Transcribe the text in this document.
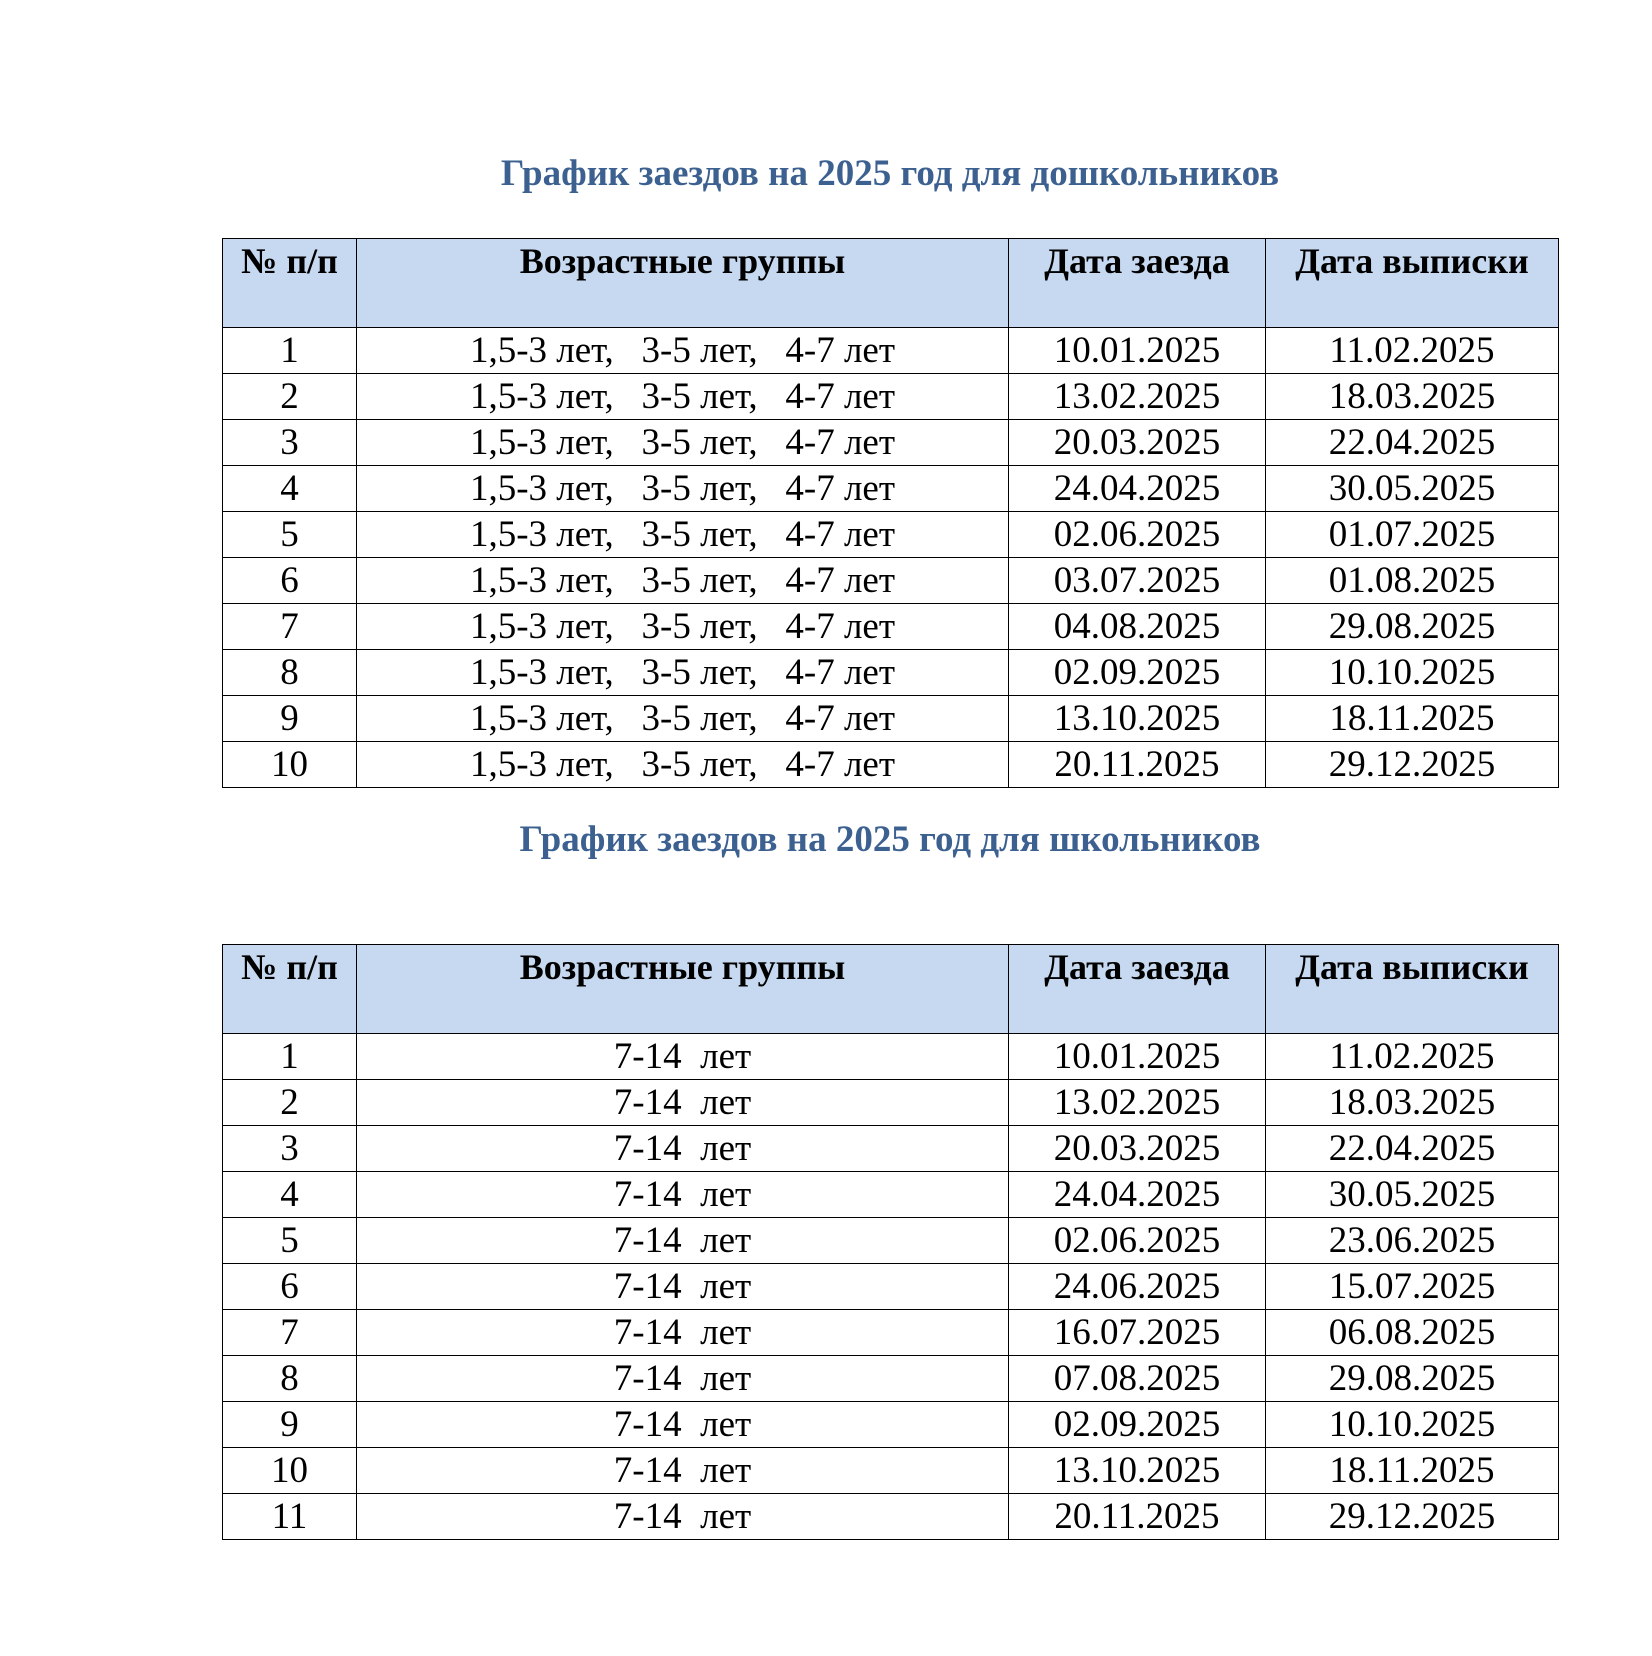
График заездов на 2025 год для дошкольников
№ п/п	Возрастные группы	Дата заезда	Дата выписки
1	1,5-3 лет,   3-5 лет,   4-7 лет	10.01.2025	11.02.2025
2	1,5-3 лет,   3-5 лет,   4-7 лет	13.02.2025	18.03.2025
3	1,5-3 лет,   3-5 лет,   4-7 лет	20.03.2025	22.04.2025
4	1,5-3 лет,   3-5 лет,   4-7 лет	24.04.2025	30.05.2025
5	1,5-3 лет,   3-5 лет,   4-7 лет	02.06.2025	01.07.2025
6	1,5-3 лет,   3-5 лет,   4-7 лет	03.07.2025	01.08.2025
7	1,5-3 лет,   3-5 лет,   4-7 лет	04.08.2025	29.08.2025
8	1,5-3 лет,   3-5 лет,   4-7 лет	02.09.2025	10.10.2025
9	1,5-3 лет,   3-5 лет,   4-7 лет	13.10.2025	18.11.2025
10	1,5-3 лет,   3-5 лет,   4-7 лет	20.11.2025	29.12.2025
График заездов на 2025 год для школьников
№ п/п	Возрастные группы	Дата заезда	Дата выписки
1	7-14  лет	10.01.2025	11.02.2025
2	7-14  лет	13.02.2025	18.03.2025
3	7-14  лет	20.03.2025	22.04.2025
4	7-14  лет	24.04.2025	30.05.2025
5	7-14  лет	02.06.2025	23.06.2025
6	7-14  лет	24.06.2025	15.07.2025
7	7-14  лет	16.07.2025	06.08.2025
8	7-14  лет	07.08.2025	29.08.2025
9	7-14  лет	02.09.2025	10.10.2025
10	7-14  лет	13.10.2025	18.11.2025
11	7-14  лет	20.11.2025	29.12.2025
